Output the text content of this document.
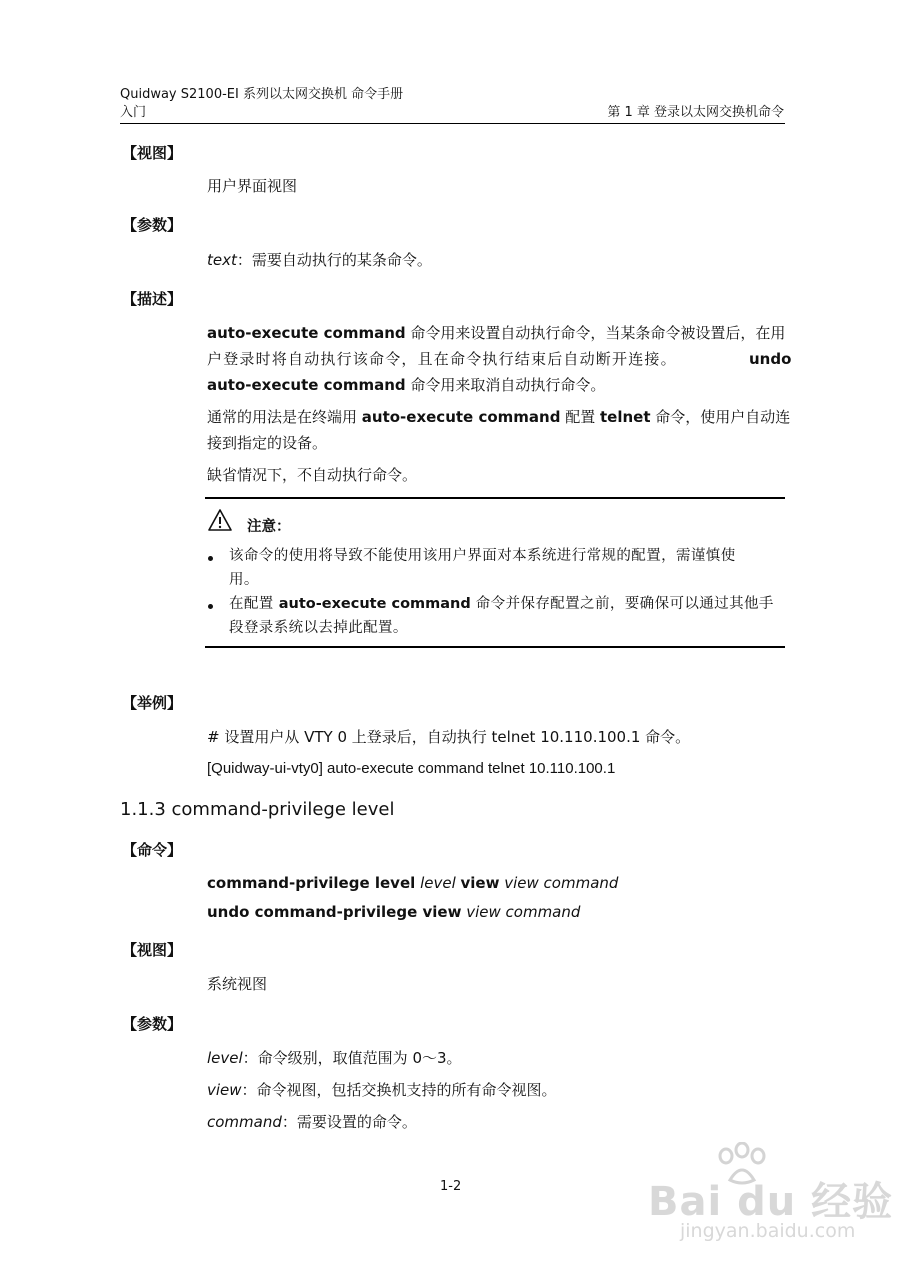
Quidway S2100-EI 系列以太网交换机 命令手册
入门	第 1 章 登录以太网交换机命令
【视图】
用户界面视图
【参数】
text：需要自动执行的某条命令。
【描述】
auto-execute command 命令用来设置自动执行命令，当某条命令被设置后，在用
户登录时将自动执行该命令，且在命令执行结束后自动断开连接。	undo
auto-execute command 命令用来取消自动执行命令。
通常的用法是在终端用 auto-execute command 配置 telnet 命令，使用户自动连
接到指定的设备。
缺省情况下，不自动执行命令。
注意：
该命令的使用将导致不能使用该用户界面对本系统进行常规的配置，需谨慎使
用。
在配置 auto-execute command 命令并保存配置之前，要确保可以通过其他手
段登录系统以去掉此配置。
【举例】
# 设置用户从 VTY 0 上登录后，自动执行 telnet 10.110.100.1 命令。
[Quidway-ui-vty0] auto-execute command telnet 10.110.100.1
1.1.3 command-privilege level
【命令】
command-privilege level level view view command
undo command-privilege view view command
【视图】
系统视图
【参数】
level：命令级别，取值范围为 0～3。
view：命令视图，包括交换机支持的所有命令视图。
command：需要设置的命令。
1-2	Bai du 经验
jingyan.baidu.com
